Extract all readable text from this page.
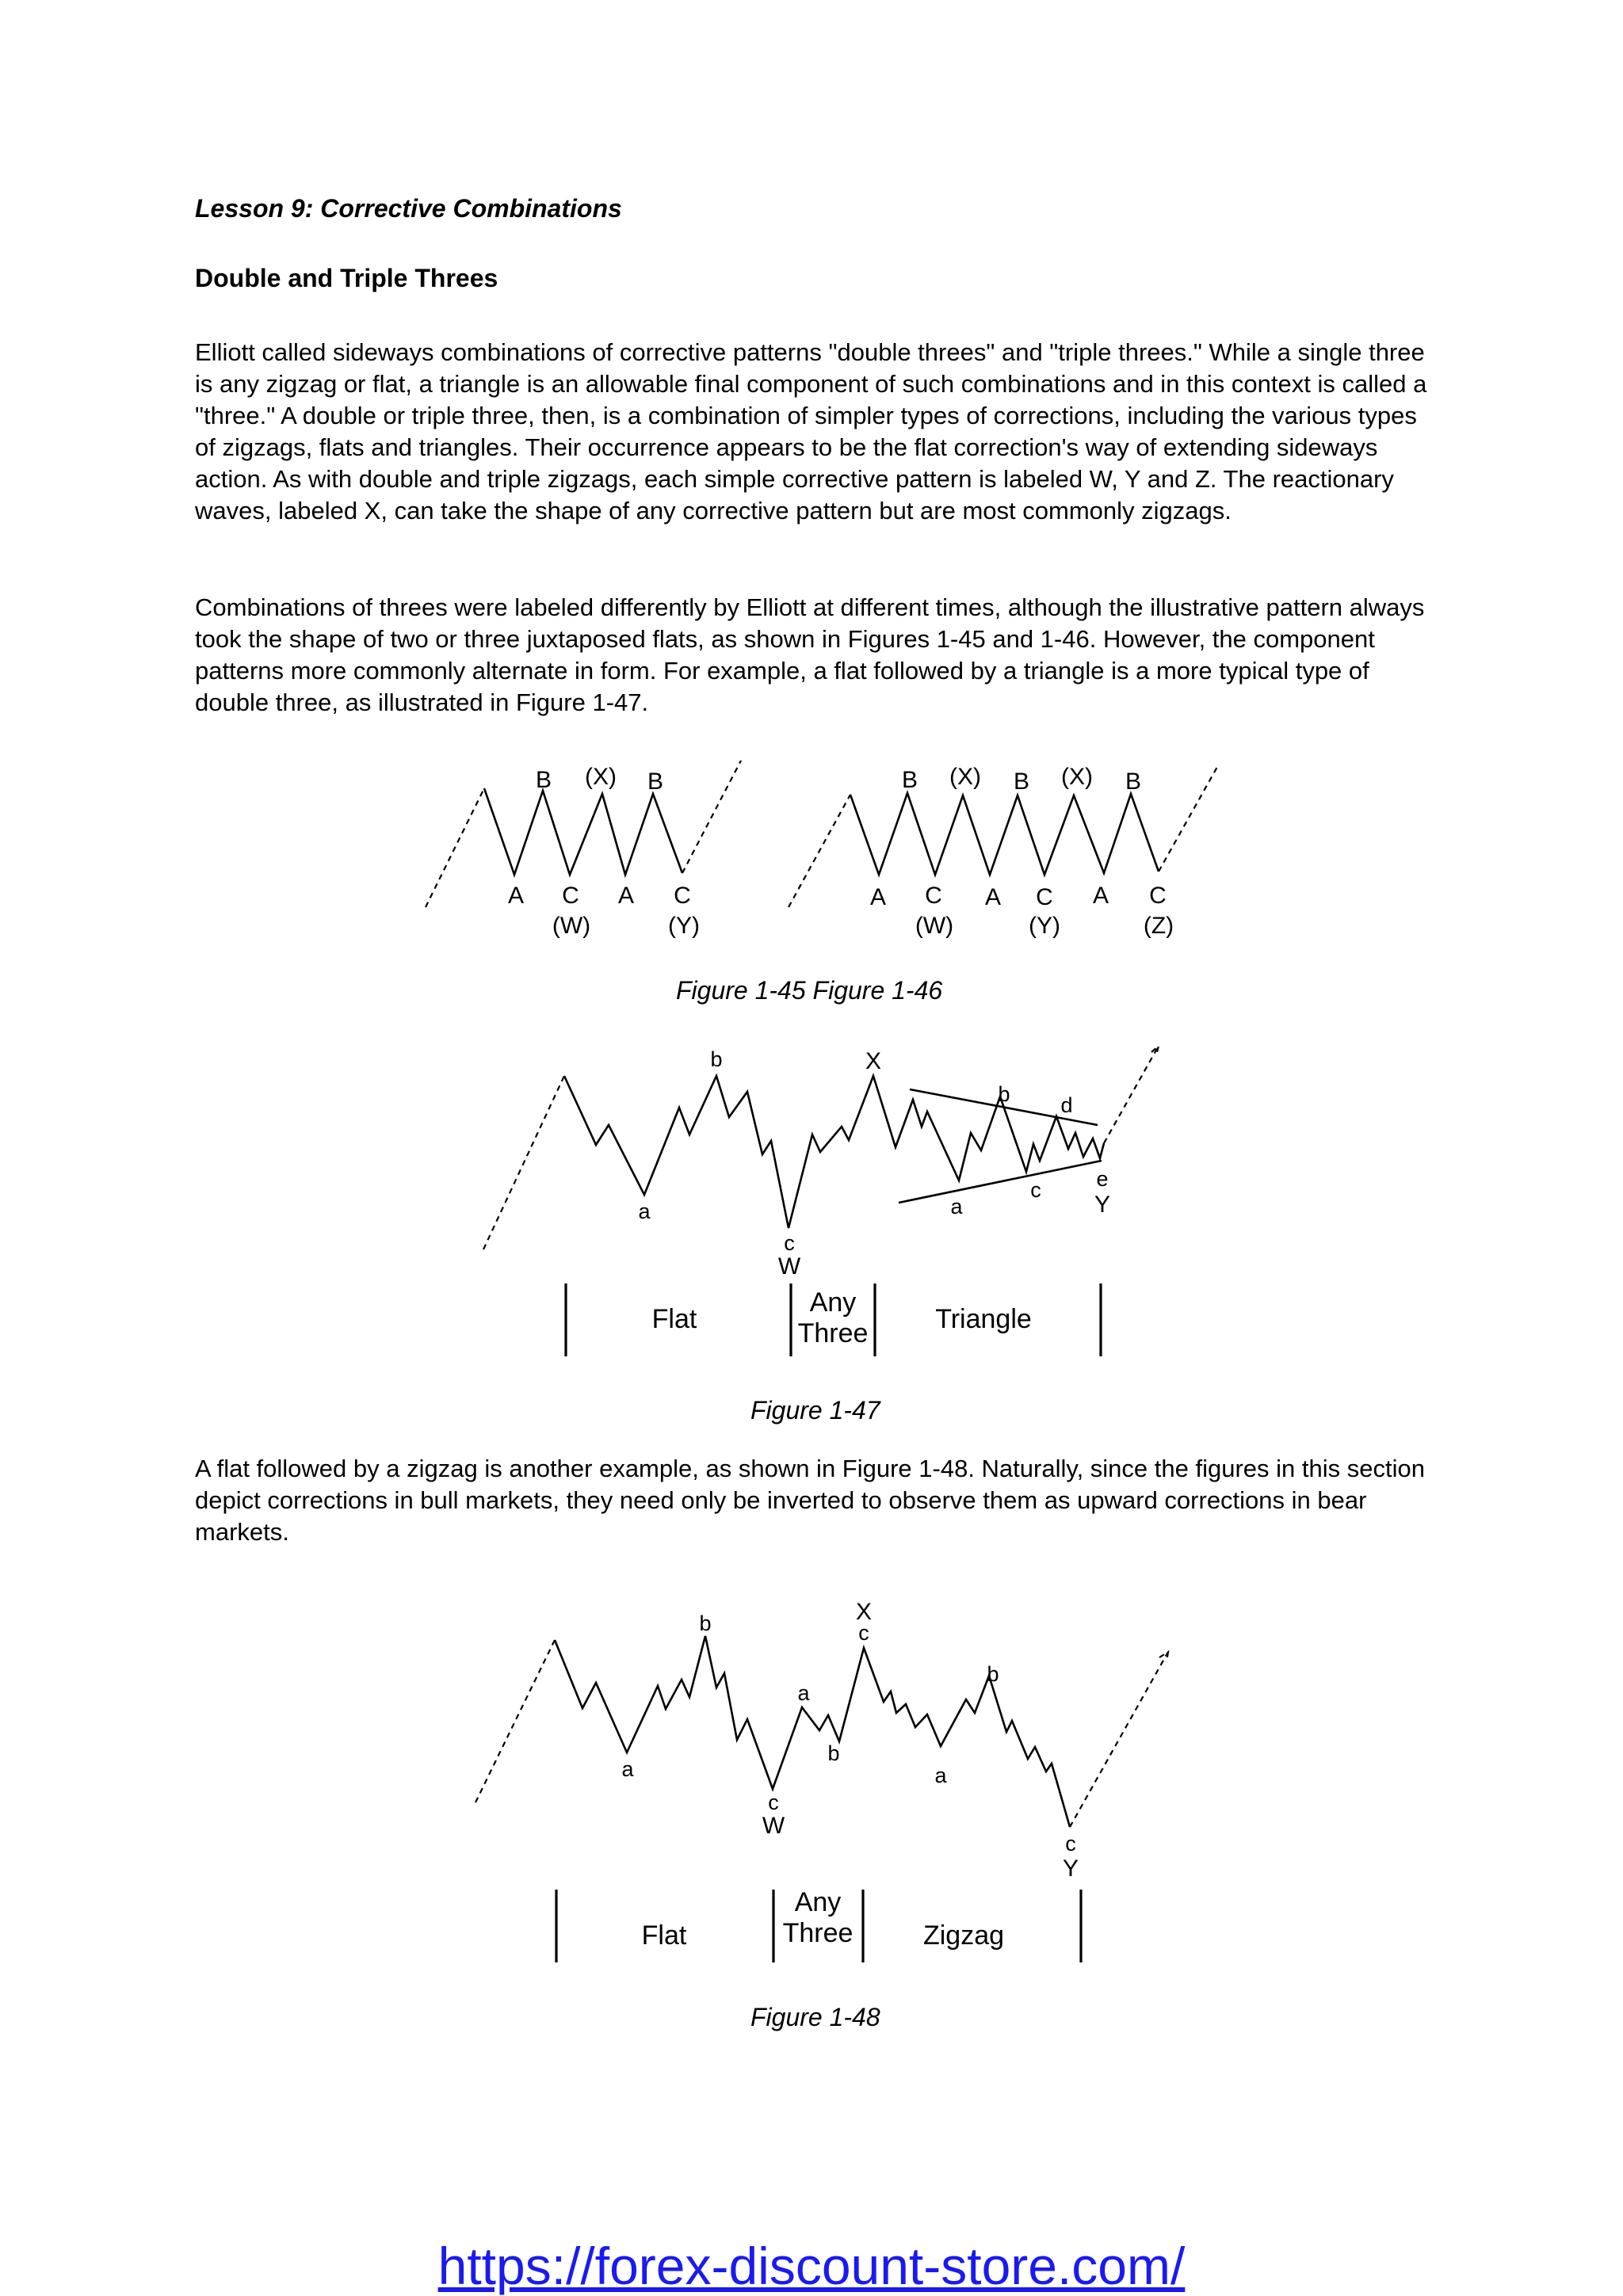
Lesson 9: Corrective Combinations
Double and Triple Threes
Elliott called sideways combinations of corrective patterns "double threes" and "triple threes." While a single three is any zigzag or flat, a triangle is an allowable final component of such combinations and in this context is called a "three." A double or triple three, then, is a combination of simpler types of corrections, including the various types of zigzags, flats and triangles. Their occurrence appears to be the flat correction's way of extending sideways action. As with double and triple zigzags, each simple corrective pattern is labeled W, Y and Z. The reactionary waves, labeled X, can take the shape of any corrective pattern but are most commonly zigzags.
Combinations of threes were labeled differently by Elliott at different times, although the illustrative pattern always took the shape of two or three juxtaposed flats, as shown in Figures 1-45 and 1-46. However, the component patterns more commonly alternate in form. For example, a flat followed by a triangle is a more typical type of double three, as illustrated in Figure 1-47.
B (X) B
A C A C
(W)	(Y)
B (X) B (X) B
A C A C A C
(W)	(Y)	(Z)
Figure 1-45 Figure 1-46
b
a
c
W
X
b d
a
c	e
Y
Flat
Any
Three Triangle
Figure 1-47
A flat followed by a zigzag is another example, as shown in Figure 1-48. Naturally, since the figures in this section depict corrections in bull markets, they need only be inverted to observe them as upward corrections in bear markets.
b
a
c
W
a
b
X
c
b
a
c
Y
Flat
Any
Three	Zigzag
Figure 1-48
https://forex-discount-store.com/
